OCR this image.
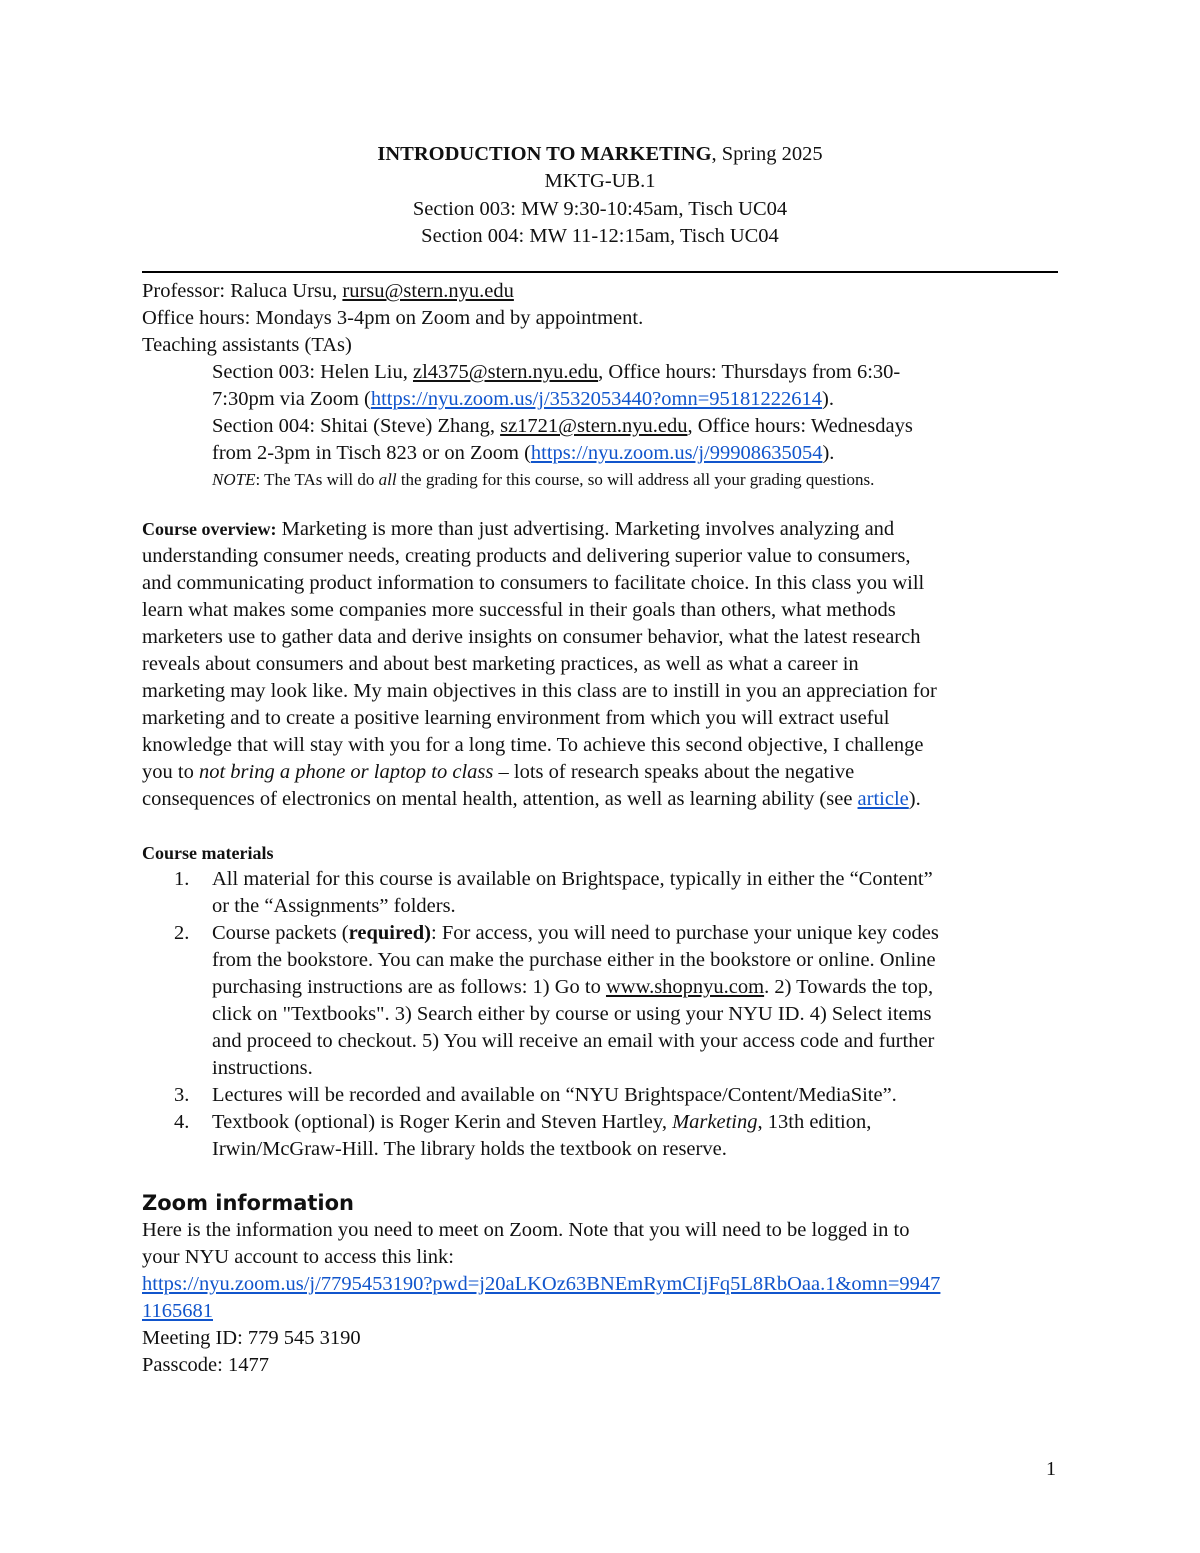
INTRODUCTION TO MARKETING, Spring 2025
MKTG-UB.1
Section 003: MW 9:30-10:45am, Tisch UC04
Section 004: MW 11-12:15am, Tisch UC04
Professor: Raluca Ursu, rursu@stern.nyu.edu
Office hours: Mondays 3-4pm on Zoom and by appointment.
Teaching assistants (TAs)
Section 003: Helen Liu, zl4375@stern.nyu.edu, Office hours: Thursdays from 6:30-
7:30pm via Zoom (https://nyu.zoom.us/j/3532053440?omn=95181222614).
Section 004: Shitai (Steve) Zhang, sz1721@stern.nyu.edu, Office hours: Wednesdays
from 2-3pm in Tisch 823 or on Zoom (https://nyu.zoom.us/j/99908635054).
NOTE: The TAs will do all the grading for this course, so will address all your grading questions.
Course overview: Marketing is more than just advertising. Marketing involves analyzing and
understanding consumer needs, creating products and delivering superior value to consumers,
and communicating product information to consumers to facilitate choice. In this class you will
learn what makes some companies more successful in their goals than others, what methods
marketers use to gather data and derive insights on consumer behavior, what the latest research
reveals about consumers and about best marketing practices, as well as what a career in
marketing may look like. My main objectives in this class are to instill in you an appreciation for
marketing and to create a positive learning environment from which you will extract useful
knowledge that will stay with you for a long time. To achieve this second objective, I challenge
you to not bring a phone or laptop to class – lots of research speaks about the negative
consequences of electronics on mental health, attention, as well as learning ability (see article).
Course materials
1. All material for this course is available on Brightspace, typically in either the “Content”
or the “Assignments” folders.
2. Course packets (required): For access, you will need to purchase your unique key codes
from the bookstore. You can make the purchase either in the bookstore or online. Online
purchasing instructions are as follows: 1) Go to www.shopnyu.com. 2) Towards the top,
click on "Textbooks". 3) Search either by course or using your NYU ID. 4) Select items
and proceed to checkout. 5) You will receive an email with your access code and further
instructions.
3. Lectures will be recorded and available on “NYU Brightspace/Content/MediaSite”.
4. Textbook (optional) is Roger Kerin and Steven Hartley, Marketing, 13th edition,
Irwin/McGraw-Hill. The library holds the textbook on reserve.
Zoom information
Here is the information you need to meet on Zoom. Note that you will need to be logged in to
your NYU account to access this link:
https://nyu.zoom.us/j/7795453190?pwd=j20aLKOz63BNEmRymCIjFq5L8RbOaa.1&omn=9947
1165681
Meeting ID: 779 545 3190
Passcode: 1477
1
